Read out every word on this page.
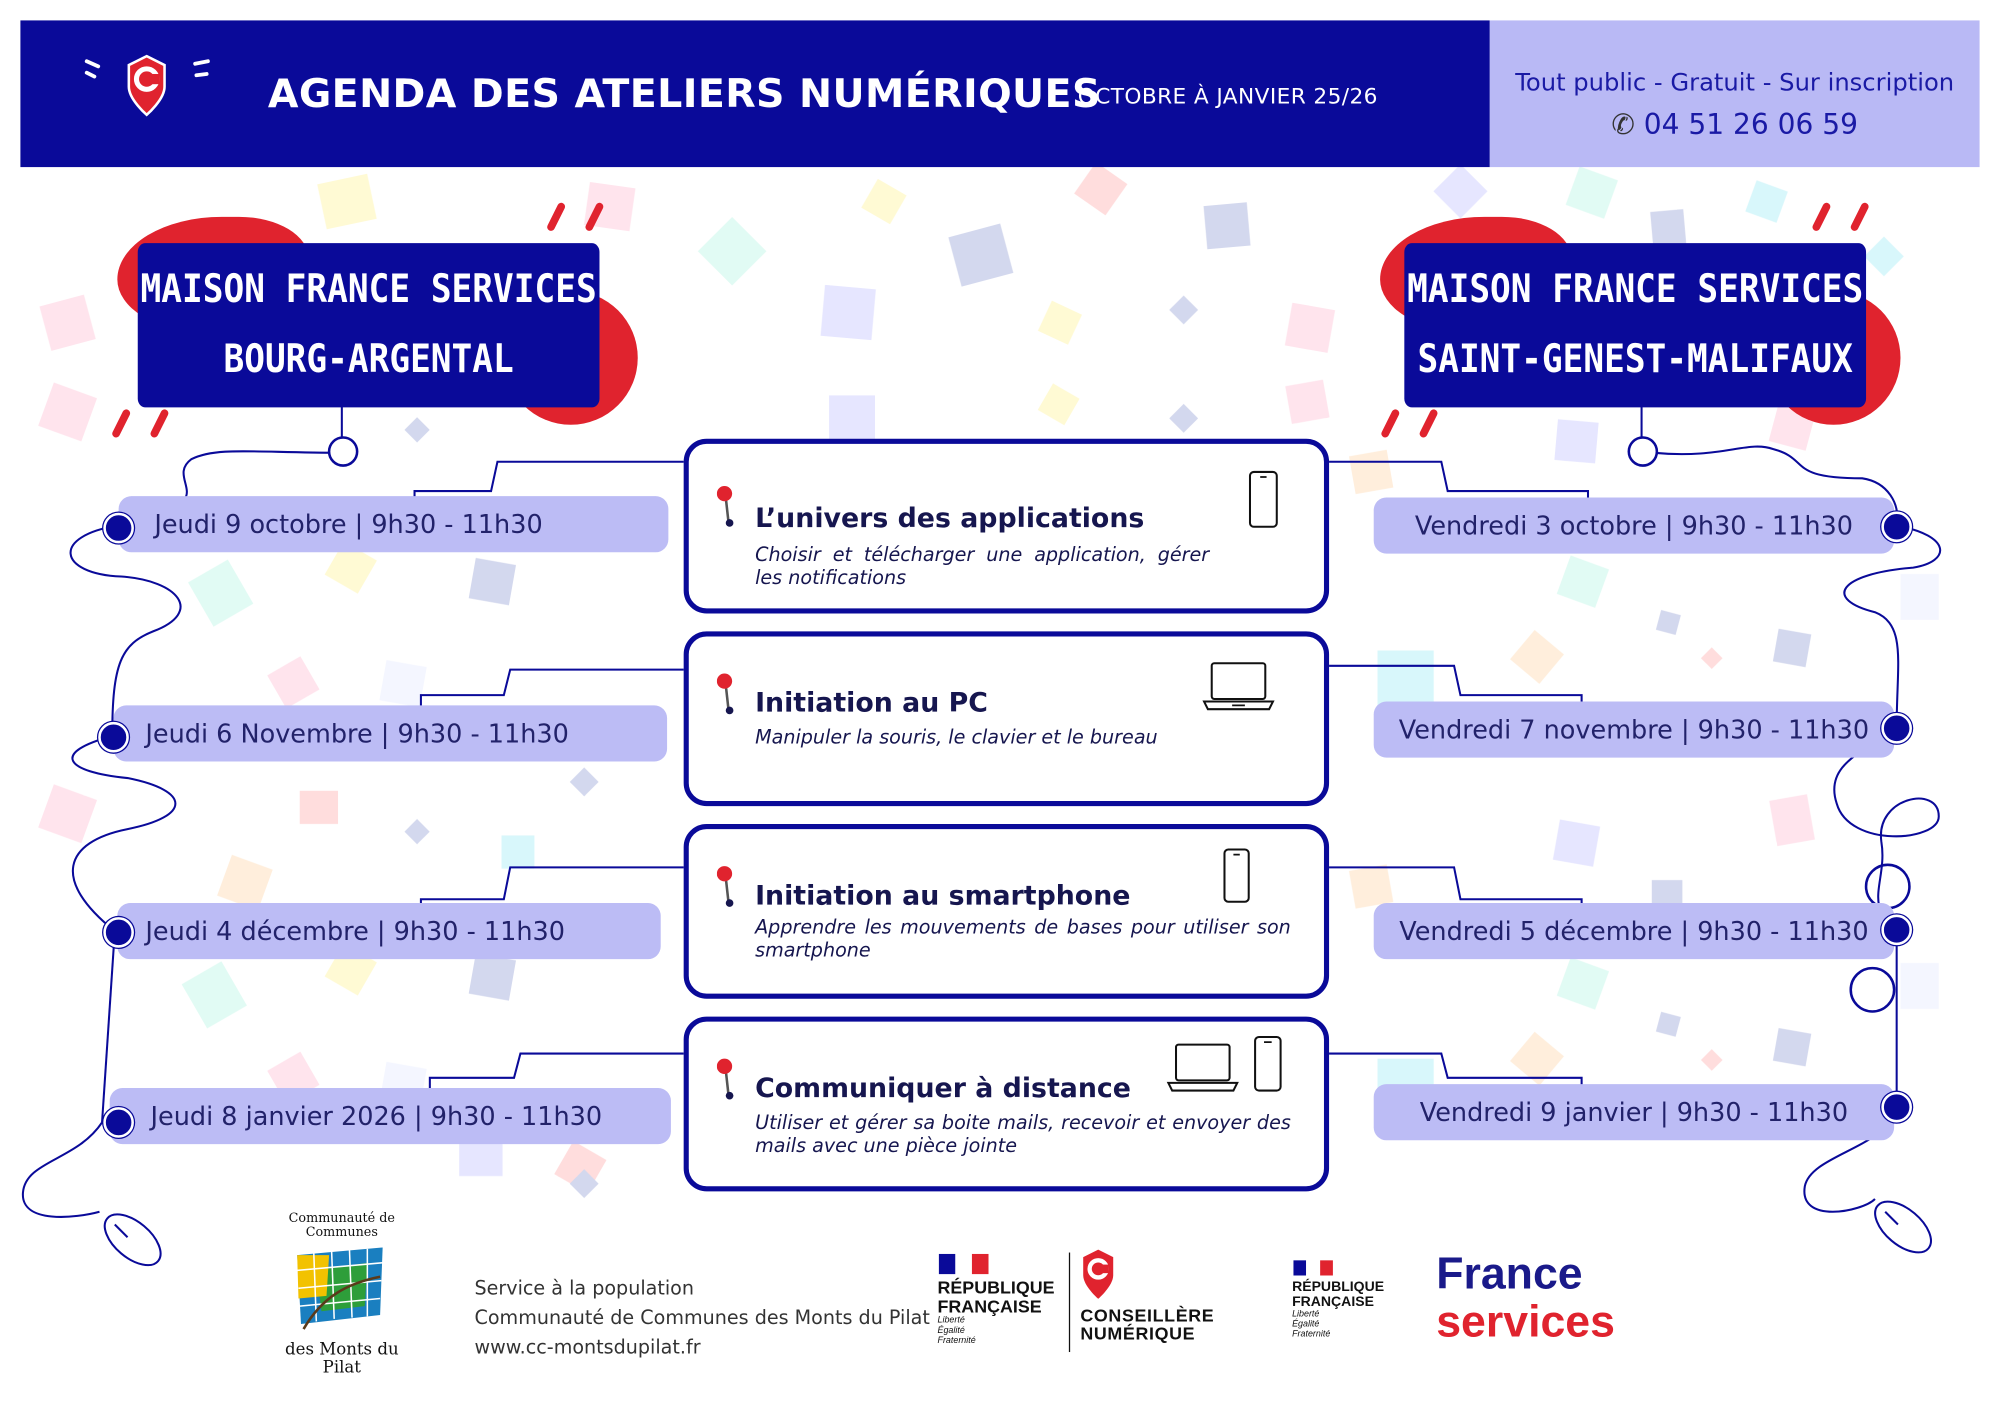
AGENDA DES ATELIERS NUMÉRIQUES
OCTOBRE À JANVIER 25/26
Tout public - Gratuit - Sur inscription
✆ 04 51 26 06 59
MAISON FRANCE SERVICES
BOURG-ARGENTAL
MAISON FRANCE SERVICES
SAINT-GENEST-MALIFAUX
Jeudi 9 octobre | 9h30 - 11h30
Jeudi 6 Novembre | 9h30 - 11h30
Jeudi 4 décembre | 9h30 - 11h30
Jeudi 8 janvier 2026 | 9h30 - 11h30
Vendredi 3 octobre | 9h30 - 11h30
Vendredi 7 novembre | 9h30 - 11h30
Vendredi 5 décembre | 9h30 - 11h30
Vendredi 9 janvier | 9h30 - 11h30
L’univers des applications
Choisir et télécharger une application, gérer les notifications
Initiation au PC
Manipuler la souris, le clavier et le bureau
Initiation au smartphone
Apprendre les mouvements de bases pour utiliser son smartphone
Communiquer à distance
Utiliser et gérer sa boite mails, recevoir et envoyer des mails avec une pièce jointe
Communauté de Communes
des Monts du Pilat
Service à la population
Communauté de Communes des Monts du Pilat
www.cc-montsdupilat.fr
RÉPUBLIQUE FRANÇAISE
Liberté Égalité Fraternité
CONSEILLÈRE NUMÉRIQUE
RÉPUBLIQUE FRANÇAISE
Liberté Égalité Fraternité
France
services
